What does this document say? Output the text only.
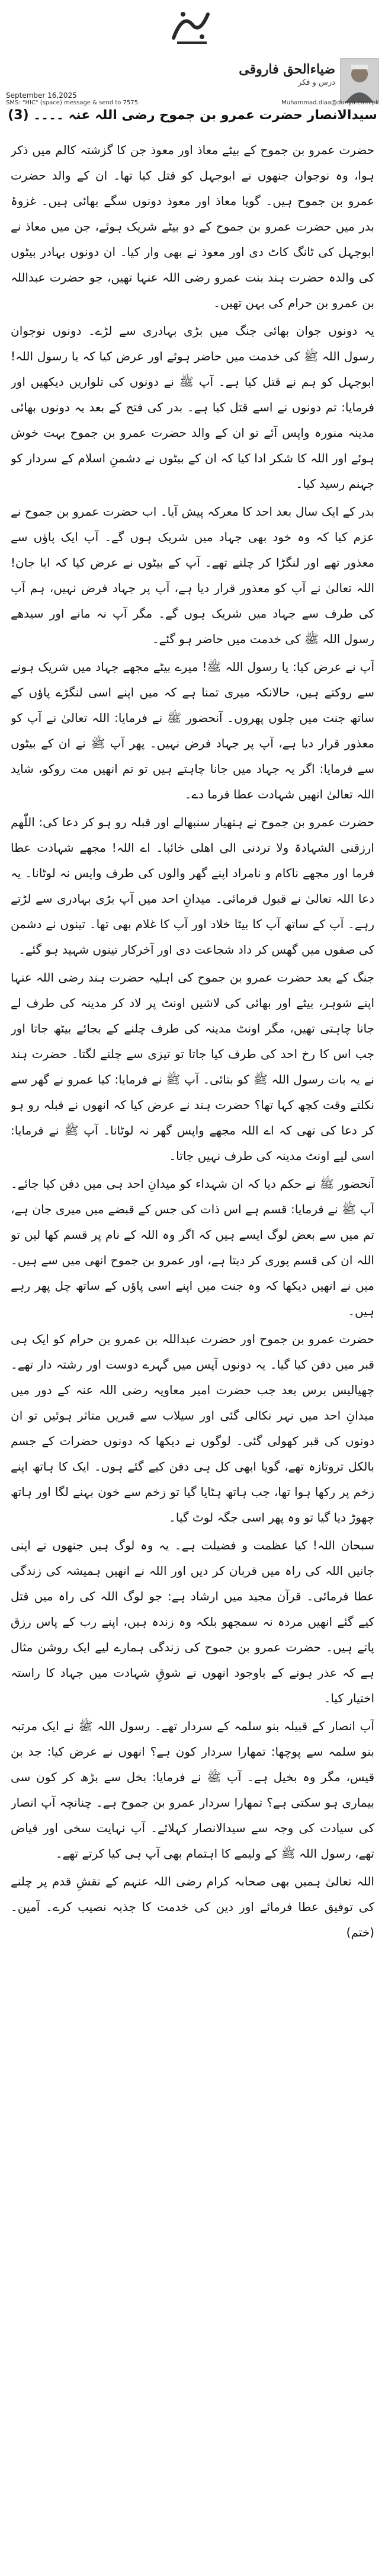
ضیاءالحق فاروقی
درس و فکر
September 16,2025
SMS: "HIC" (space) message & send to 7575	Muhammad.diaa@dunya.com.pk
سیدالانصار حضرت عمرو بن جموح رضی اللہ عنہ ۔۔۔۔ (3)

حضرت عمرو بن جموح کے بیٹے معاذ اور معوذ جن کا گزشتہ کالم میں ذکر ہوا، وہ نوجوان جنھوں نے ابوجہل کو قتل کیا تھا۔ ان کے والد حضرت عمرو بن جموح ہیں۔ گویا معاذ اور معوذ دونوں سگے بھائی ہیں۔ غزوۂ بدر میں حضرت عمرو بن جموح کے دو بیٹے شریک ہوئے، جن میں معاذ نے ابوجہل کی ٹانگ کاٹ دی اور معوذ نے بھی وار کیا۔ ان دونوں بہادر بیٹوں کی والدہ حضرت ہند بنت عمرو رضی اللہ عنہا تھیں، جو حضرت عبداللہ بن عمرو بن حرام کی بہن تھیں۔

یہ دونوں جوان بھائی جنگ میں بڑی بہادری سے لڑے۔ دونوں نوجوان رسول اللہ ﷺ کی خدمت میں حاضر ہوئے اور عرض کیا کہ یا رسول اللہ! ابوجہل کو ہم نے قتل کیا ہے۔ آپ ﷺ نے دونوں کی تلواریں دیکھیں اور فرمایا: تم دونوں نے اسے قتل کیا ہے۔ بدر کی فتح کے بعد یہ دونوں بھائی مدینہ منورہ واپس آئے تو ان کے والد حضرت عمرو بن جموح بہت خوش ہوئے اور اللہ کا شکر ادا کیا کہ ان کے بیٹوں نے دشمنِ اسلام کے سردار کو جہنم رسید کیا۔

بدر کے ایک سال بعد احد کا معرکہ پیش آیا۔ اب حضرت عمرو بن جموح نے عزم کیا کہ وہ خود بھی جہاد میں شریک ہوں گے۔ آپ ایک پاؤں سے معذور تھے اور لنگڑا کر چلتے تھے۔ آپ کے بیٹوں نے عرض کیا کہ ابا جان! اللہ تعالیٰ نے آپ کو معذور قرار دیا ہے، آپ پر جہاد فرض نہیں، ہم آپ کی طرف سے جہاد میں شریک ہوں گے۔ مگر آپ نہ مانے اور سیدھے رسول اللہ ﷺ کی خدمت میں حاضر ہو گئے۔

آپ نے عرض کیا: یا رسول اللہ ﷺ! میرے بیٹے مجھے جہاد میں شریک ہونے سے روکتے ہیں، حالانکہ میری تمنا ہے کہ میں اپنے اسی لنگڑے پاؤں کے ساتھ جنت میں چلوں پھروں۔ آنحضور ﷺ نے فرمایا: اللہ تعالیٰ نے آپ کو معذور قرار دیا ہے، آپ پر جہاد فرض نہیں۔ پھر آپ ﷺ نے ان کے بیٹوں سے فرمایا: اگر یہ جہاد میں جانا چاہتے ہیں تو تم انھیں مت روکو، شاید اللہ تعالیٰ انھیں شہادت عطا فرما دے۔

حضرت عمرو بن جموح نے ہتھیار سنبھالے اور قبلہ رو ہو کر دعا کی: اللّٰھم ارزقنی الشہادۃ ولا تردنی الی اھلی خائبا۔ اے اللہ! مجھے شہادت عطا فرما اور مجھے ناکام و نامراد اپنے گھر والوں کی طرف واپس نہ لوٹانا۔ یہ دعا اللہ تعالیٰ نے قبول فرمائی۔ میدانِ احد میں آپ بڑی بہادری سے لڑتے رہے۔ آپ کے ساتھ آپ کا بیٹا خلاد اور آپ کا غلام بھی تھا۔ تینوں نے دشمن کی صفوں میں گھس کر داد شجاعت دی اور آخرکار تینوں شہید ہو گئے۔

جنگ کے بعد حضرت عمرو بن جموح کی اہلیہ حضرت ہند رضی اللہ عنہا اپنے شوہر، بیٹے اور بھائی کی لاشیں اونٹ پر لاد کر مدینہ کی طرف لے جانا چاہتی تھیں، مگر اونٹ مدینہ کی طرف چلنے کے بجائے بیٹھ جاتا اور جب اس کا رخ احد کی طرف کیا جاتا تو تیزی سے چلنے لگتا۔ حضرت ہند نے یہ بات رسول اللہ ﷺ کو بتائی۔ آپ ﷺ نے فرمایا: کیا عمرو نے گھر سے نکلتے وقت کچھ کہا تھا؟ حضرت ہند نے عرض کیا کہ انھوں نے قبلہ رو ہو کر دعا کی تھی کہ اے اللہ مجھے واپس گھر نہ لوٹانا۔ آپ ﷺ نے فرمایا: اسی لیے اونٹ مدینہ کی طرف نہیں جاتا۔

آنحضور ﷺ نے حکم دیا کہ ان شہداء کو میدانِ احد ہی میں دفن کیا جائے۔ آپ ﷺ نے فرمایا: قسم ہے اس ذات کی جس کے قبضے میں میری جان ہے، تم میں سے بعض لوگ ایسے ہیں کہ اگر وہ اللہ کے نام پر قسم کھا لیں تو اللہ ان کی قسم پوری کر دیتا ہے، اور عمرو بن جموح انھی میں سے ہیں۔ میں نے انھیں دیکھا کہ وہ جنت میں اپنے اسی پاؤں کے ساتھ چل پھر رہے ہیں۔

حضرت عمرو بن جموح اور حضرت عبداللہ بن عمرو بن حرام کو ایک ہی قبر میں دفن کیا گیا۔ یہ دونوں آپس میں گہرے دوست اور رشتہ دار تھے۔ چھیالیس برس بعد جب حضرت امیر معاویہ رضی اللہ عنہ کے دور میں میدانِ احد میں نہر نکالی گئی اور سیلاب سے قبریں متاثر ہوئیں تو ان دونوں کی قبر کھولی گئی۔ لوگوں نے دیکھا کہ دونوں حضرات کے جسم بالکل تروتازہ تھے، گویا ابھی کل ہی دفن کیے گئے ہوں۔ ایک کا ہاتھ اپنے زخم پر رکھا ہوا تھا، جب ہاتھ ہٹایا گیا تو زخم سے خون بہنے لگا اور ہاتھ چھوڑ دیا گیا تو وہ پھر اسی جگہ لوٹ گیا۔

سبحان اللہ! کیا عظمت و فضیلت ہے۔ یہ وہ لوگ ہیں جنھوں نے اپنی جانیں اللہ کی راہ میں قربان کر دیں اور اللہ نے انھیں ہمیشہ کی زندگی عطا فرمائی۔ قرآن مجید میں ارشاد ہے: جو لوگ اللہ کی راہ میں قتل کیے گئے انھیں مردہ نہ سمجھو بلکہ وہ زندہ ہیں، اپنے رب کے پاس رزق پاتے ہیں۔ حضرت عمرو بن جموح کی زندگی ہمارے لیے ایک روشن مثال ہے کہ عذر ہونے کے باوجود انھوں نے شوقِ شہادت میں جہاد کا راستہ اختیار کیا۔

آپ انصار کے قبیلہ بنو سلمہ کے سردار تھے۔ رسول اللہ ﷺ نے ایک مرتبہ بنو سلمہ سے پوچھا: تمھارا سردار کون ہے؟ انھوں نے عرض کیا: جد بن قیس، مگر وہ بخیل ہے۔ آپ ﷺ نے فرمایا: بخل سے بڑھ کر کون سی بیماری ہو سکتی ہے؟ تمھارا سردار عمرو بن جموح ہے۔ چنانچہ آپ انصار کی سیادت کی وجہ سے سیدالانصار کہلائے۔ آپ نہایت سخی اور فیاض تھے، رسول اللہ ﷺ کے ولیمے کا اہتمام بھی آپ ہی کیا کرتے تھے۔

اللہ تعالیٰ ہمیں بھی صحابہ کرام رضی اللہ عنہم کے نقشِ قدم پر چلنے کی توفیق عطا فرمائے اور دین کی خدمت کا جذبہ نصیب کرے۔ آمین۔ (ختم)
